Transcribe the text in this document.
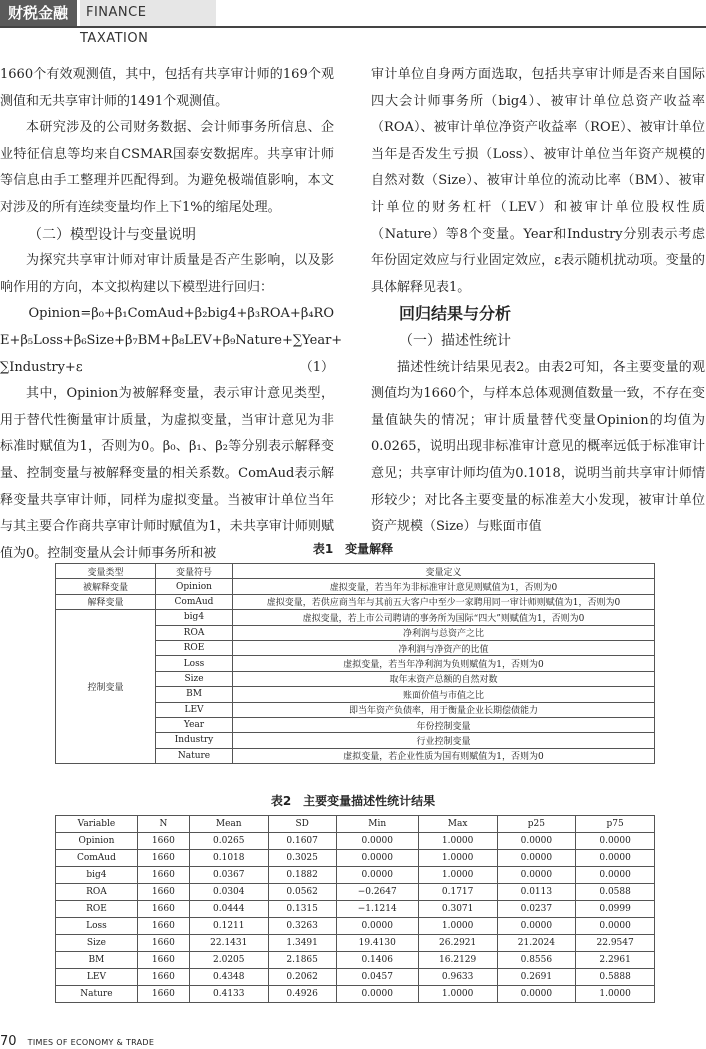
财税金融	FINANCE TAXATION

1660个有效观测值，其中，包括有共享审计师的169个观测值和无共享审计师的1491个观测值。

本研究涉及的公司财务数据、会计师事务所信息、企业特征信息等均来自CSMAR国泰安数据库。共享审计师等信息由手工整理并匹配得到。为避免极端值影响，本文对涉及的所有连续变量均作上下1%的缩尾处理。

（二）模型设计与变量说明

为探究共享审计师对审计质量是否产生影响，以及影响作用的方向，本文拟构建以下模型进行回归：

Opinion=β₀+β₁ComAud+β₂big4+β₃ROA+β₄RO

E+β₅Loss+β₆Size+β₇BM+β₈LEV+β₉Nature+∑Year+

∑Industry+ε	（1）

其中，Opinion为被解释变量，表示审计意见类型，用于替代性衡量审计质量，为虚拟变量，当审计意见为非标准时赋值为1，否则为0。β₀、β₁、β₂等分别表示解释变量、控制变量与被解释变量的相关系数。ComAud表示解释变量共享审计师，同样为虚拟变量。当被审计单位当年与其主要合作商共享审计师时赋值为1，未共享审计师则赋值为0。控制变量从会计师事务所和被

审计单位自身两方面选取，包括共享审计师是否来自国际四大会计师事务所（big4）、被审计单位总资产收益率（ROA）、被审计单位净资产收益率（ROE）、被审计单位当年是否发生亏损（Loss）、被审计单位当年资产规模的自然对数（Size）、被审计单位的流动比率（BM）、被审计单位的财务杠杆（LEV）和被审计单位股权性质（Nature）等8个变量。Year和Industry分别表示考虑年份固定效应与行业固定效应，ε表示随机扰动项。变量的具体解释见表1。

回归结果与分析

（一）描述性统计

描述性统计结果见表2。由表2可知，各主要变量的观测值均为1660个，与样本总体观测值数量一致，不存在变量值缺失的情况；审计质量替代变量Opinion的均值为0.0265，说明出现非标准审计意见的概率远低于标准审计意见；共享审计师均值为0.1018，说明当前共享审计师情形较少；对比各主要变量的标准差大小发现，被审计单位资产规模（Size）与账面市值

表1　变量解释
变量类型	变量符号	变量定义
被解释变量	Opinion	虚拟变量，若当年为非标准审计意见则赋值为1，否则为0
解释变量	ComAud	虚拟变量，若供应商当年与其前五大客户中至少一家聘用同一审计师则赋值为1，否则为0
控制变量	big4	虚拟变量，若上市公司聘请的事务所为国际“四大”则赋值为1，否则为0
	ROA	净利润与总资产之比
	ROE	净利润与净资产的比值
	Loss	虚拟变量，若当年净利润为负则赋值为1，否则为0
	Size	取年末资产总额的自然对数
	BM	账面价值与市值之比
	LEV	即当年资产负债率，用于衡量企业长期偿债能力
	Year	年份控制变量
	Industry	行业控制变量
	Nature	虚拟变量，若企业性质为国有则赋值为1，否则为0
表2　主要变量描述性统计结果
Variable	N	Mean	SD	Min	Max	p25	p75
Opinion	1660	0.0265	0.1607	0.0000	1.0000	0.0000	0.0000
ComAud	1660	0.1018	0.3025	0.0000	1.0000	0.0000	0.0000
big4	1660	0.0367	0.1882	0.0000	1.0000	0.0000	0.0000
ROA	1660	0.0304	0.0562	−0.2647	0.1717	0.0113	0.0588
ROE	1660	0.0444	0.1315	−1.1214	0.3071	0.0237	0.0999
Loss	1660	0.1211	0.3263	0.0000	1.0000	0.0000	0.0000
Size	1660	22.1431	1.3491	19.4130	26.2921	21.2024	22.9547
BM	1660	2.0205	2.1865	0.1406	16.2129	0.8556	2.2961
LEV	1660	0.4348	0.2062	0.0457	0.9633	0.2691	0.5888
Nature	1660	0.4133	0.4926	0.0000	1.0000	0.0000	1.0000
70 TIMES OF ECONOMY & TRADE
